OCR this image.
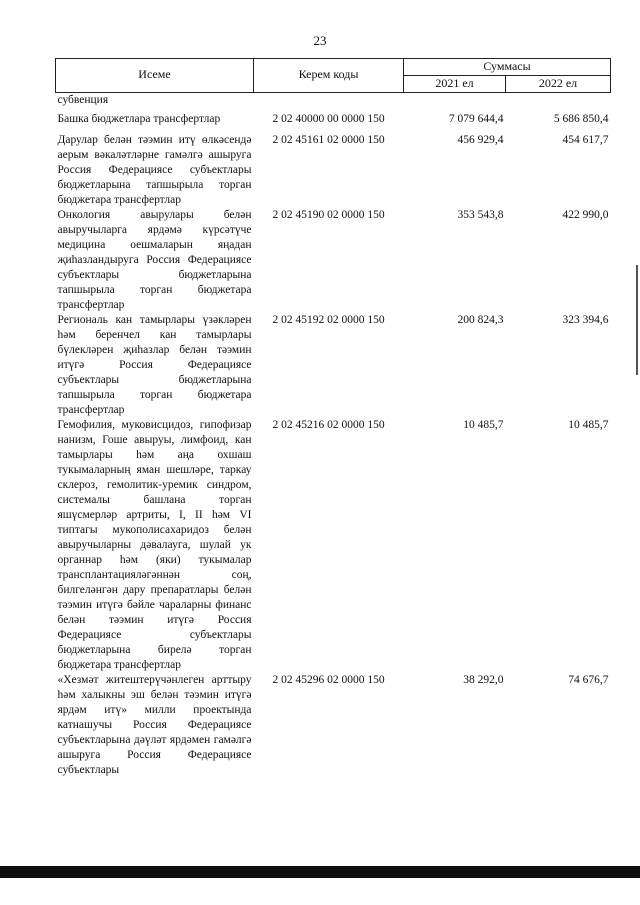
23
Исеме	Керем коды	Суммасы	
		2021 ел	2022 ел
субвенция			
Башка бюджетлара трансфертлар	2 02 40000 00 0000 150	7 079 644,4	5 686 850,4
Дарулар белән тәэмин итү өлкәсендә аерым вәкаләтләрне гамәлгә ашыруга Россия Федерациясе субъектлары бюджетларына тапшырыла торган бюджетара трансфертлар	2 02 45161 02 0000 150	456 929,4	454 617,7
Онкология авырулары белән авыручыларга ярдәмә күрсәтүче медицина оешмаларын яңадан җиһазландыруга Россия Федерациясе субъектлары бюджетларына тапшырыла торган бюджетара трансфертлар	2 02 45190 02 0000 150	353 543,8	422 990,0
Региональ кан тамырлары үзәкләрен һәм беренчел кан тамырлары бүлекләрен җиһазлар белән тәэмин итүгә Россия Федерациясе субъектлары бюджетларына тапшырыла торган бюджетара трансфертлар	2 02 45192 02 0000 150	200 824,3	323 394,6
Гемофилия, муковисцидоз, гипофизар нанизм, Гоше авыруы, лимфоид, кан тамырлары һәм аңа охшаш тукымаларның яман шешләре, таркау склероз, гемолитик-уремик синдром, системалы башлана торган яшүсмерләр артриты, I, II һәм VI типтагы мукополисахаридоз белән авыручыларны дәвалауга, шулай ук органнар һәм (яки) тукымалар трансплантацияләгәннән соң, билгеләнгән дару препаратлары белән тәэмин итүгә бәйле чараларны финанс белән тәэмин итүгә Россия Федерациясе субъектлары бюджетларына бирелә торган бюджетара трансфертлар	2 02 45216 02 0000 150	10 485,7	10 485,7
«Хезмәт житештерүчәнлеген арттыру һәм халыкны эш белән тәэмин итүгә ярдәм итү» милли проектында катнашучы Россия Федерациясе субъектларына дәүләт ярдәмен гамәлгә ашыруга Россия Федерациясе субъектлары	2 02 45296 02 0000 150	38 292,0	74 676,7
